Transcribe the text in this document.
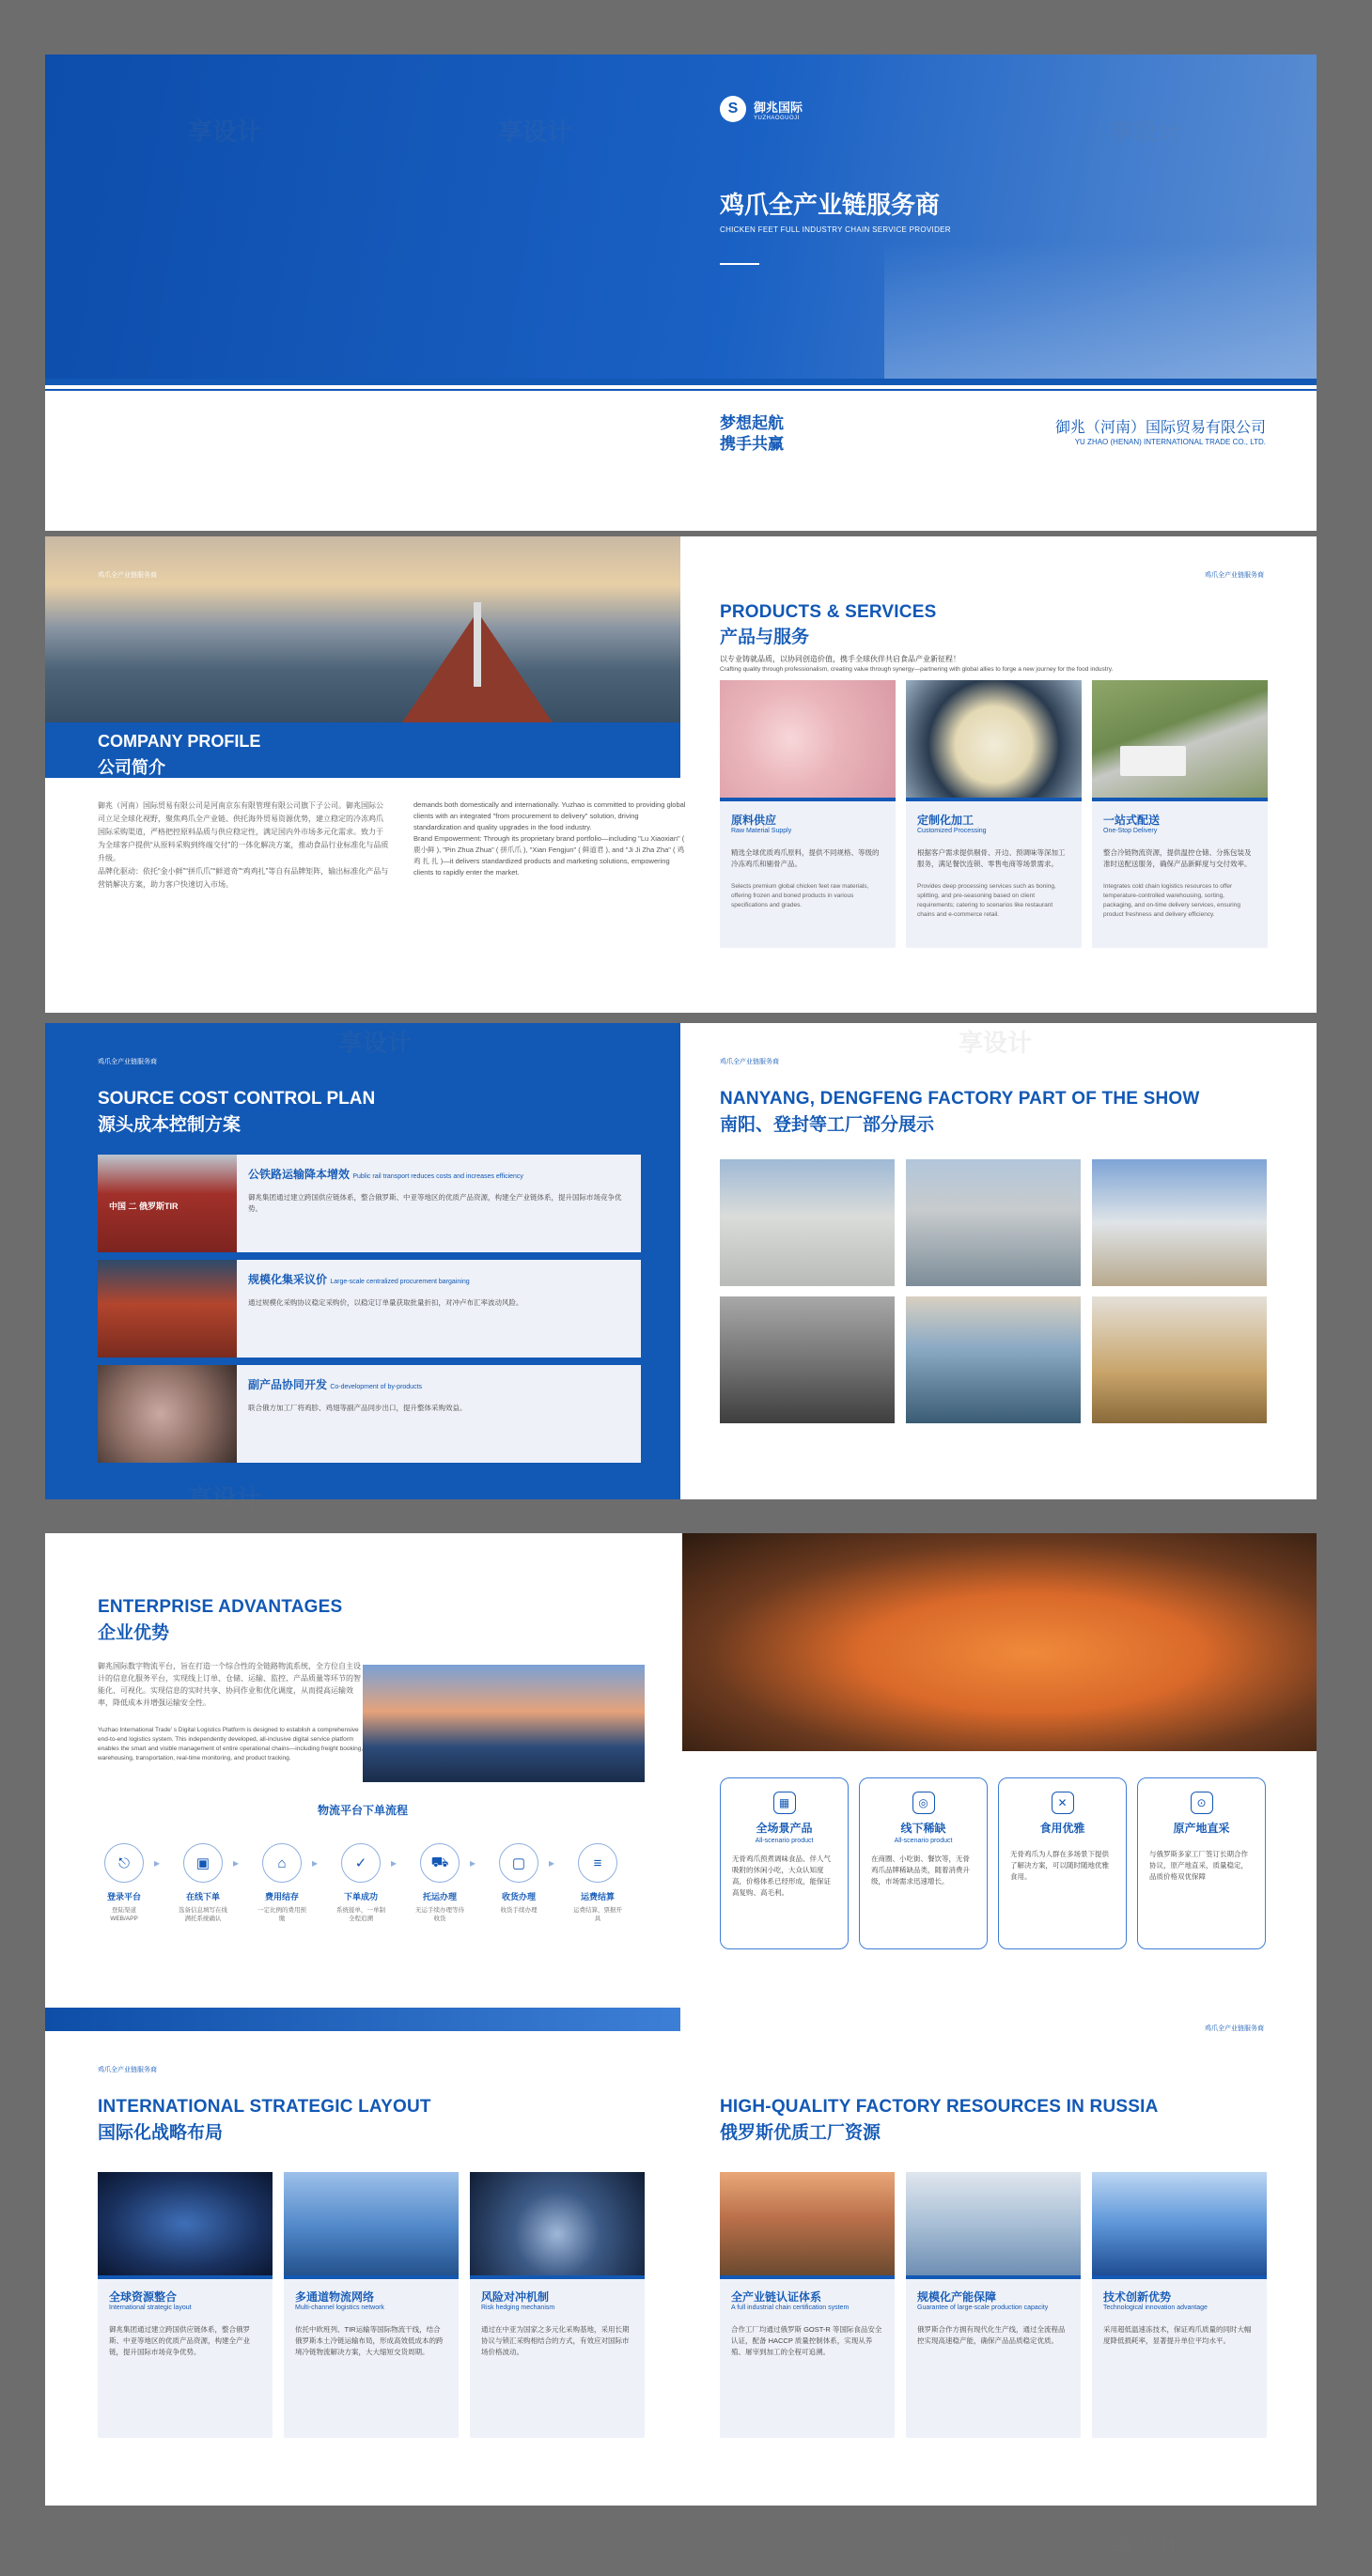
S	御兆国际
YUZHAOGUOJI
鸡爪全产业链服务商
CHICKEN FEET FULL INDUSTRY CHAIN SERVICE PROVIDER
梦想起航
携手共赢
御兆（河南）国际贸易有限公司
YU ZHAO (HENAN) INTERNATIONAL TRADE CO., LTD.
COMPANY PROFILE
公司简介
鸡爪全产业链服务商
御兆（河南）国际贸易有限公司是河南京东有限管理有限公司旗下子公司。御兆国际公司立足全球化视野，聚焦鸡爪全产业链、供托海外贸易资源优势，建立稳定的冷冻鸡爪国际采购渠道，严格把控原料品质与供应稳定性，满足国内外市场多元化需求。致力于为全球客户提供“从原料采购到终端交付”的一体化解决方案，推动食品行业标准化与品质升级。
品牌化驱动：依托“金小鲜”“拼爪爪”“鲜道奇”“鸡鸡扎”等自有品牌矩阵，输出标准化产品与营销解决方案，助力客户快速切入市场。
demands both domestically and internationally. Yuzhao is committed to providing global clients with an integrated "from procurement to delivery" solution, driving standardization and quality upgrades in the food industry.
Brand Empowerment: Through its proprietary brand portfolio—including "Lu Xiaoxian" ( 鹿小鲜 ), "Pin Zhua Zhua" ( 拼爪爪 ), "Xian Fengjun" ( 鲜道君 ), and "Ji Ji Zha Zha" ( 鸡 鸡 扎 扎 )—it delivers standardized products and marketing solutions, empowering clients to rapidly enter the market.
鸡爪全产业链服务商
PRODUCTS & SERVICES
产品与服务
以专业铸就品质，以协同创造价值，携手全球伙伴共启食品产业新征程！
Crafting quality through professionalism, creating value through synergy—partnering with global allies to forge a new journey for the food industry.
原料供应
Raw Material Supply
精选全球优质鸡爪原料，提供不同规格、等级的冷冻鸡爪和剔骨产品。
Selects premium global chicken feet raw materials, offering frozen and boned products in various specifications and grades.
定制化加工
Customized Processing
根据客户需求提供剔骨、开边、预调味等深加工服务，满足餐饮连锁、零售电商等场景需求。
Provides deep processing services such as boning, splitting, and pre-seasoning based on client requirements; catering to scenarios like restaurant chains and e-commerce retail.
一站式配送
One-Stop Delivery
整合冷链物流资源，提供温控仓储、分拣包装及准时送配送服务，确保产品新鲜度与交付效率。
Integrates cold chain logistics resources to offer temperature-controlled warehousing, sorting, packaging, and on-time delivery services, ensuring product freshness and delivery efficiency.
鸡爪全产业链服务商
SOURCE COST CONTROL PLAN
源头成本控制方案
中国 二 俄罗斯TIR
公铁路运输降本增效 Public rail transport reduces costs and increases efficiency
御兆集团通过建立跨国供应链体系，整合俄罗斯、中亚等地区的优质产品资源，构建全产业链体系，提升国际市场竞争优势。
规模化集采议价 Large-scale centralized procurement bargaining
通过规模化采购协议稳定采购价，以稳定订单量获取批量折扣，对冲卢布汇率波动风险。
副产品协同开发 Co-development of by-products
联合俄方加工厂将鸡胗、鸡翅等副产品同步出口，提升整体采购效益。
鸡爪全产业链服务商
NANYANG, DENGFENG FACTORY PART OF THE SHOW
南阳、登封等工厂部分展示
ENTERPRISE ADVANTAGES
企业优势
御兆国际数字物流平台，旨在打造一个综合性的全链路物流系统，全方位自主设计的信息化服务平台，实现线上订单、仓储、运输、监控、产品质量等环节的智能化、可视化。实现信息的实时共享、协同作业和优化调度，从而提高运输效率，降低成本并增强运输安全性。
Yuzhao International Trade' s Digital Logistics Platform is designed to establish a comprehensive end-to-end logistics system. This independently developed, all-inclusive digital service platform enables the smart and visible management of entire operational chains—including freight booking, warehousing, transportation, real-time monitoring, and product tracking.
物流平台下单流程
⎋
登录平台
登陆渠道 WEB/APP
▸	▣
在线下单
选备信息填写在线满托系统确认
▸	⌂
费用结存
一定比例的费用预缴
▸	✓
下单成功
系统接单，一单制全程追溯
▸	⛟
托运办理
无运手续办理等待收货
▸	▢
收货办理
收货手续办理
▸	≡
运费结算
运费结算，票据开具
▦
全场景产品
All-scenario product
无骨鸡爪预煮调味食品、伴人气吸附的休闲小吃，大众认知度高，价格体系已经形成，能保证高复购、高毛利。
◎
线下稀缺
All-scenario product
在商圈、小吃街、餐饮等，无骨鸡爪品牌稀缺品类，随着消费升级，市场需求迅速增长。
✕
食用优雅
无骨鸡爪为人群在多场景下提供了解决方案，可以随时随地优雅食用。
⊙
原产地直采
与俄罗斯多家工厂签订长期合作协议，原产地直采，质量稳定，品质价格双优保障
鸡爪全产业链服务商
鸡爪全产业链服务商
INTERNATIONAL STRATEGIC LAYOUT
国际化战略布局
全球资源整合
International strategic layout
御兆集团通过建立跨国供应链体系，整合俄罗斯、中亚等地区的优质产品资源，构建全产业链，提升国际市场竞争优势。
多通道物流网络
Multi-channel logistics network
依托中欧班列、TIR运输等国际物流干线，结合俄罗斯本土冷链运输布局，形成高效低成本的跨境冷链物流解决方案，大大缩短交货周期。
风险对冲机制
Risk hedging mechanism
通过在中亚为国家之多元化采购基地，采用长期协议与锁汇采购相结合的方式，有效应对国际市场价格波动。
HIGH-QUALITY FACTORY RESOURCES IN RUSSIA
俄罗斯优质工厂资源
全产业链认证体系
A full industrial chain certification system
合作工厂均通过俄罗斯 GOST-R 等国际食品安全认证，配备 HACCP 质量控制体系，实现从养殖、屠宰到加工的全程可追溯。
规模化产能保障
Guarantee of large-scale production capacity
俄罗斯合作方拥有现代化生产线，通过全流程品控实现高速稳产能，确保产品品质稳定优质。
技术创新优势
Technological innovation advantage
采用超低温速冻技术，保证鸡爪质量的同时大幅度降低损耗率，显著提升单位平均水平。
享设计
